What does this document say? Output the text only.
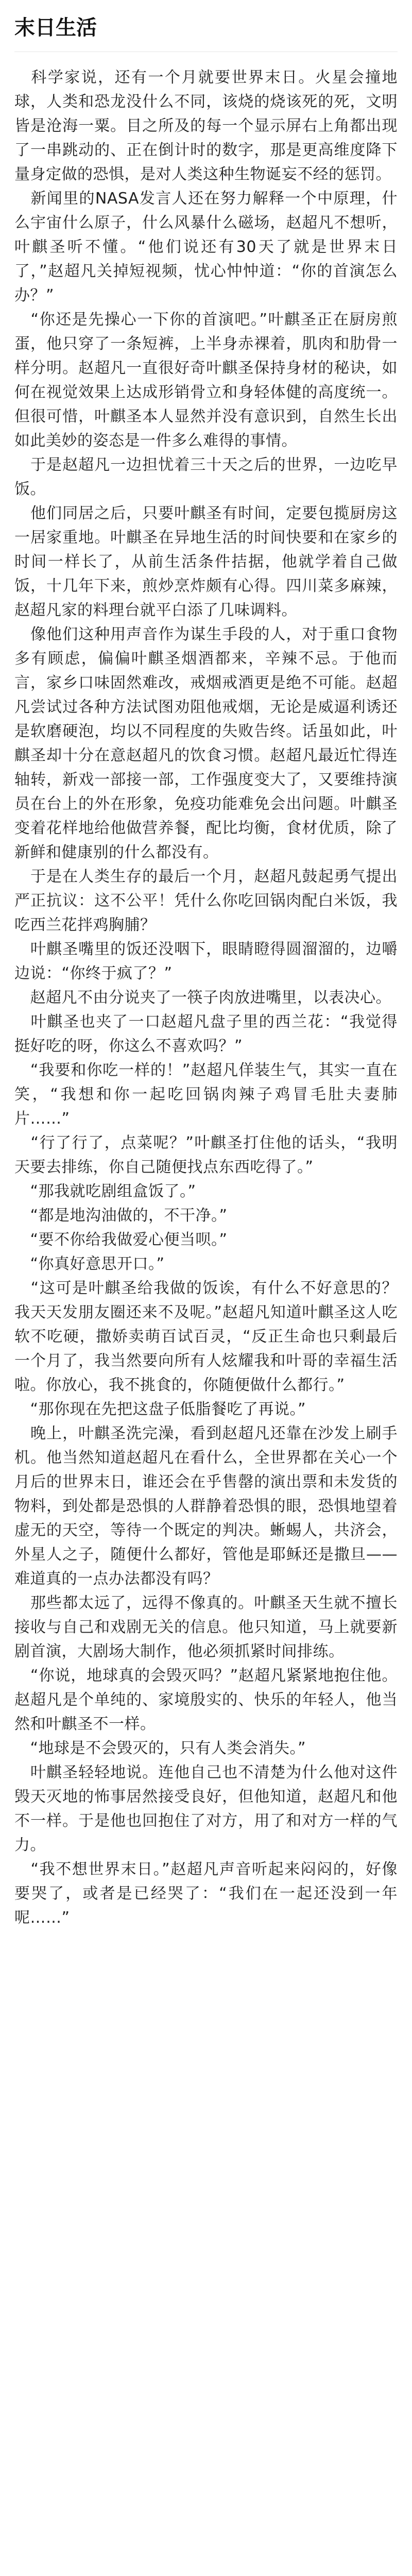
末日生活

　科学家说，还有一个月就要世界末日。火星会撞地球，人类和恐龙没什么不同，该烧的烧该死的死，文明皆是沧海一粟。目之所及的每一个显示屏右上角都出现了一串跳动的、正在倒计时的数字，那是更高维度降下量身定做的恐惧，是对人类这种生物诞妄不经的惩罚。

　新闻里的NASA发言人还在努力解释一个中原理，什么宇宙什么原子，什么风暴什么磁场，赵超凡不想听，叶麒圣听不懂。“他们说还有30天了就是世界末日了，”赵超凡关掉短视频，忧心忡忡道：“你的首演怎么办？”

　“你还是先操心一下你的首演吧。”叶麒圣正在厨房煎蛋，他只穿了一条短裤，上半身赤裸着，肌肉和肋骨一样分明。赵超凡一直很好奇叶麒圣保持身材的秘诀，如何在视觉效果上达成形销骨立和身轻体健的高度统一。但很可惜，叶麒圣本人显然并没有意识到，自然生长出如此美妙的姿态是一件多么难得的事情。

　于是赵超凡一边担忧着三十天之后的世界，一边吃早饭。

　他们同居之后，只要叶麒圣有时间，定要包揽厨房这一居家重地。叶麒圣在异地生活的时间快要和在家乡的时间一样长了，从前生活条件拮据，他就学着自己做饭，十几年下来，煎炒烹炸颇有心得。四川菜多麻辣，赵超凡家的料理台就平白添了几味调料。

　像他们这种用声音作为谋生手段的人，对于重口食物多有顾虑，偏偏叶麒圣烟酒都来，辛辣不忌。于他而言，家乡口味固然难改，戒烟戒酒更是绝不可能。赵超凡尝试过各种方法试图劝阻他戒烟，无论是威逼利诱还是软磨硬泡，均以不同程度的失败告终。话虽如此，叶麒圣却十分在意赵超凡的饮食习惯。赵超凡最近忙得连轴转，新戏一部接一部，工作强度变大了，又要维持演员在台上的外在形象，免疫功能难免会出问题。叶麒圣变着花样地给他做营养餐，配比均衡，食材优质，除了新鲜和健康别的什么都没有。

　于是在人类生存的最后一个月，赵超凡鼓起勇气提出严正抗议：这不公平！凭什么你吃回锅肉配白米饭，我吃西兰花拌鸡胸脯？

　叶麒圣嘴里的饭还没咽下，眼睛瞪得圆溜溜的，边嚼边说：“你终于疯了？”

　赵超凡不由分说夹了一筷子肉放进嘴里，以表决心。

　叶麒圣也夹了一口赵超凡盘子里的西兰花：“我觉得挺好吃的呀，你这么不喜欢吗？”

　“我要和你吃一样的！”赵超凡佯装生气，其实一直在笑，“我想和你一起吃回锅肉辣子鸡冒毛肚夫妻肺片……”

　“行了行了，点菜呢？”叶麒圣打住他的话头，“我明天要去排练，你自己随便找点东西吃得了。”

　“那我就吃剧组盒饭了。”

　“都是地沟油做的，不干净。”

　“要不你给我做爱心便当呗。”

　“你真好意思开口。”

　“这可是叶麒圣给我做的饭诶，有什么不好意思的？我天天发朋友圈还来不及呢。”赵超凡知道叶麒圣这人吃软不吃硬，撒娇卖萌百试百灵，“反正生命也只剩最后一个月了，我当然要向所有人炫耀我和叶哥的幸福生活啦。你放心，我不挑食的，你随便做什么都行。”

　“那你现在先把这盘子低脂餐吃了再说。”

　晚上，叶麒圣洗完澡，看到赵超凡还靠在沙发上刷手机。他当然知道赵超凡在看什么，全世界都在关心一个月后的世界末日，谁还会在乎售罄的演出票和未发货的物料，到处都是恐惧的人群静着恐惧的眼，恐惧地望着虚无的天空，等待一个既定的判决。蜥蜴人，共济会，外星人之子，随便什么都好，管他是耶稣还是撒旦——难道真的一点办法都没有吗？

　那些都太远了，远得不像真的。叶麒圣天生就不擅长接收与自己和戏剧无关的信息。他只知道，马上就要新剧首演，大剧场大制作，他必须抓紧时间排练。

　“你说，地球真的会毁灭吗？”赵超凡紧紧地抱住他。赵超凡是个单纯的、家境殷实的、快乐的年轻人，他当然和叶麒圣不一样。

　“地球是不会毁灭的，只有人类会消失。”

　叶麒圣轻轻地说。连他自己也不清楚为什么他对这件毁天灭地的怖事居然接受良好，但他知道，赵超凡和他不一样。于是他也回抱住了对方，用了和对方一样的气力。

　“我不想世界末日。”赵超凡声音听起来闷闷的，好像要哭了，或者是已经哭了：“我们在一起还没到一年呢……”
